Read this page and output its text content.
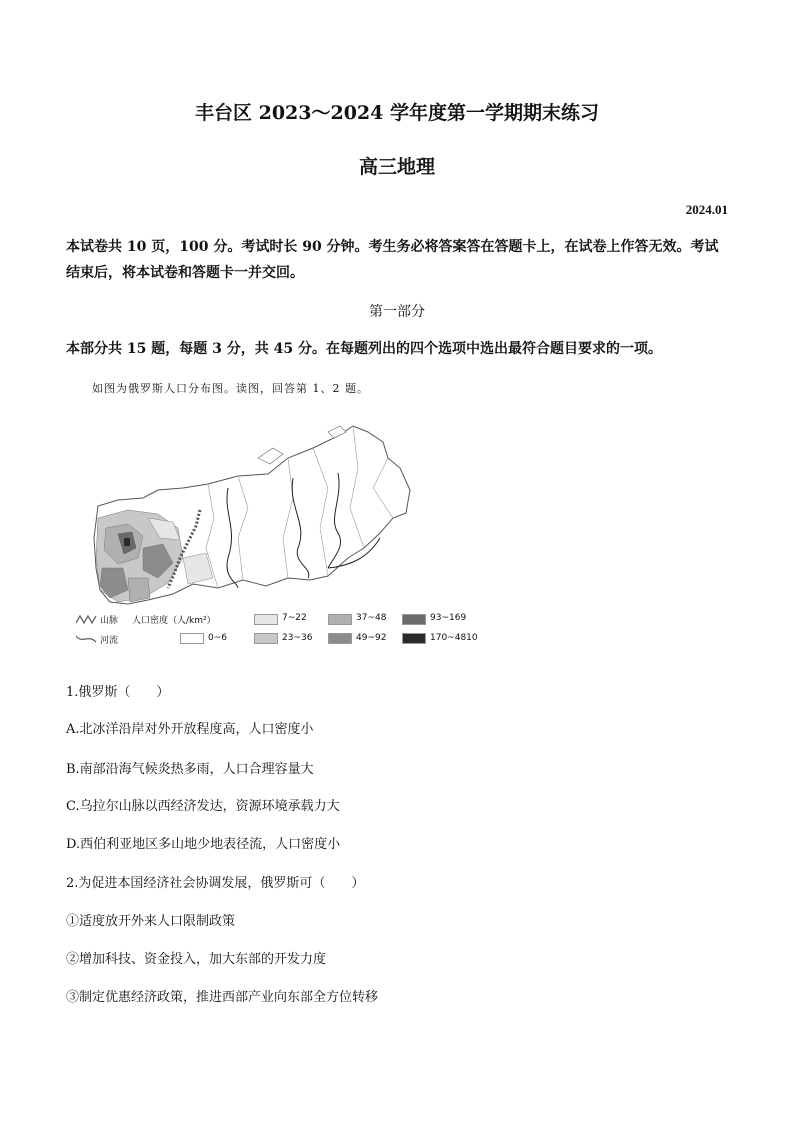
丰台区 2023～2024 学年度第一学期期末练习
高三地理
2024.01
本试卷共 10 页，100 分。考试时长 90 分钟。考生务必将答案答在答题卡上，在试卷上作答无效。考试结束后，将本试卷和答题卡一并交回。
第一部分
本部分共 15 题，每题 3 分，共 45 分。在每题列出的四个选项中选出最符合题目要求的一项。
如图为俄罗斯人口分布图。读图，回答第 1、2 题。
山脉
河流
人口密度（人/km²）
0~6
7~22
23~36
37~48
49~92
93~169
170~4810
1.俄罗斯（　　）
A.北冰洋沿岸对外开放程度高，人口密度小
B.南部沿海气候炎热多雨，人口合理容量大
C.乌拉尔山脉以西经济发达，资源环境承载力大
D.西伯利亚地区多山地少地表径流，人口密度小
2.为促进本国经济社会协调发展，俄罗斯可（　　）
①适度放开外来人口限制政策
②增加科技、资金投入，加大东部的开发力度
③制定优惠经济政策，推进西部产业向东部全方位转移
